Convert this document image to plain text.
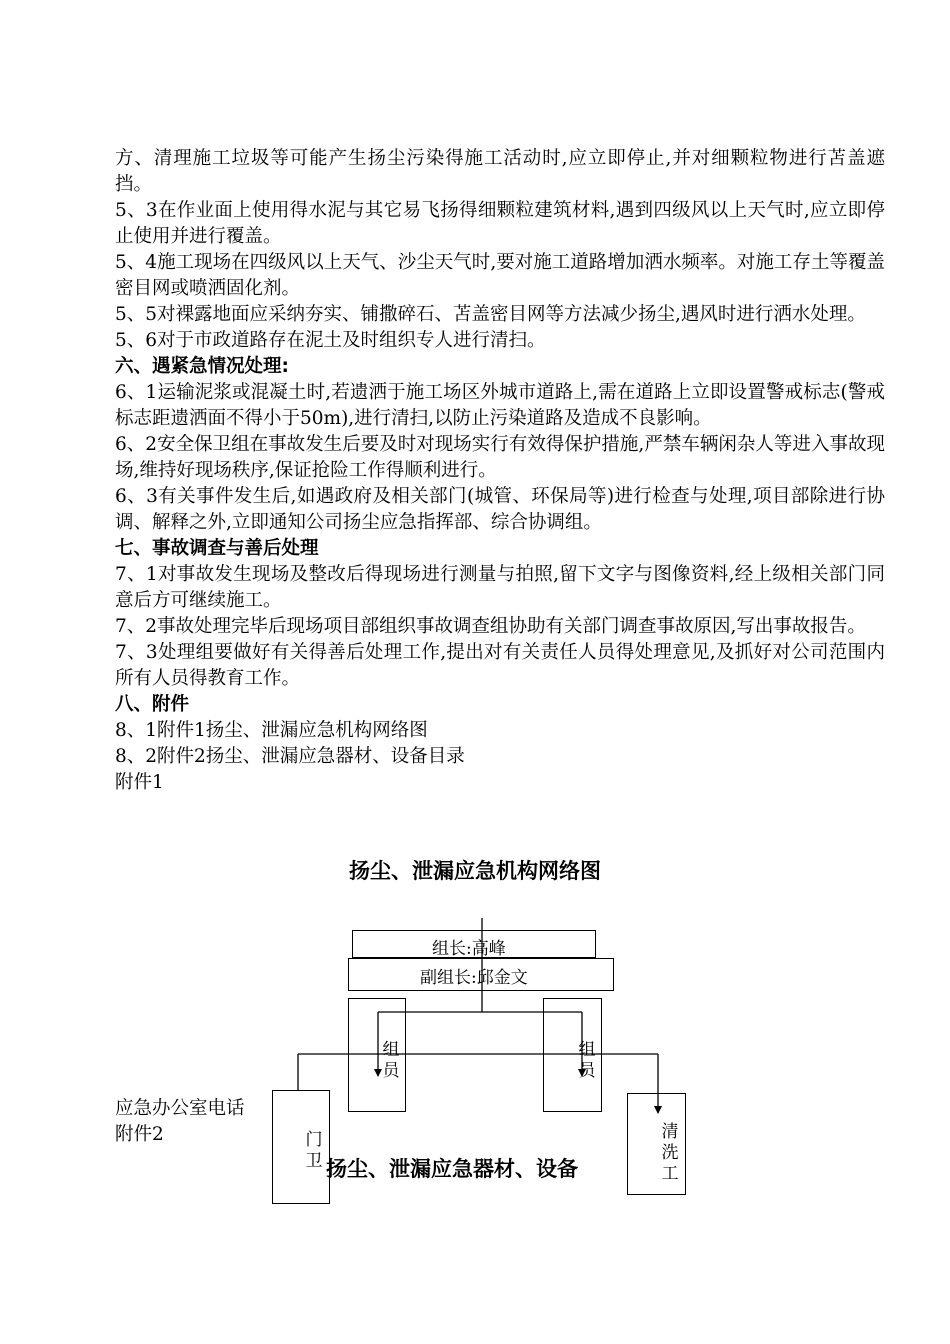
方、清理施工垃圾等可能产生扬尘污染得施工活动时,应立即停止,并对细颗粒物进行苫盖遮挡。

5、3在作业面上使用得水泥与其它易飞扬得细颗粒建筑材料,遇到四级风以上天气时,应立即停止使用并进行覆盖。

5、4施工现场在四级风以上天气、沙尘天气时,要对施工道路增加洒水频率。对施工存土等覆盖密目网或喷洒固化剂。

5、5对裸露地面应采纳夯实、铺撒碎石、苫盖密目网等方法减少扬尘,遇风时进行洒水处理。

5、6对于市政道路存在泥土及时组织专人进行清扫。

六、遇紧急情况处理:

6、1运输泥浆或混凝土时,若遗洒于施工场区外城市道路上,需在道路上立即设置警戒标志(警戒标志距遗洒面不得小于50m),进行清扫,以防止污染道路及造成不良影响。

6、2安全保卫组在事故发生后要及时对现场实行有效得保护措施,严禁车辆闲杂人等进入事故现场,维持好现场秩序,保证抢险工作得顺利进行。

6、3有关事件发生后,如遇政府及相关部门(城管、环保局等)进行检查与处理,项目部除进行协调、解释之外,立即通知公司扬尘应急指挥部、综合协调组。

七、事故调查与善后处理

7、1对事故发生现场及整改后得现场进行测量与拍照,留下文字与图像资料,经上级相关部门同意后方可继续施工。

7、2事故处理完毕后现场项目部组织事故调查组协助有关部门调查事故原因,写出事故报告。

7、3处理组要做好有关得善后处理工作,提出对有关责任人员得处理意见,及抓好对公司范围内所有人员得教育工作。

八、附件

8、1附件1扬尘、泄漏应急机构网络图

8、2附件2扬尘、泄漏应急器材、设备目录

附件1

扬尘、泄漏应急机构网络图
组长:高峰
副组长:邱金文
组员
组员
门卫
清洗工
应急办公室电话
附件2
扬尘、泄漏应急器材、设备
